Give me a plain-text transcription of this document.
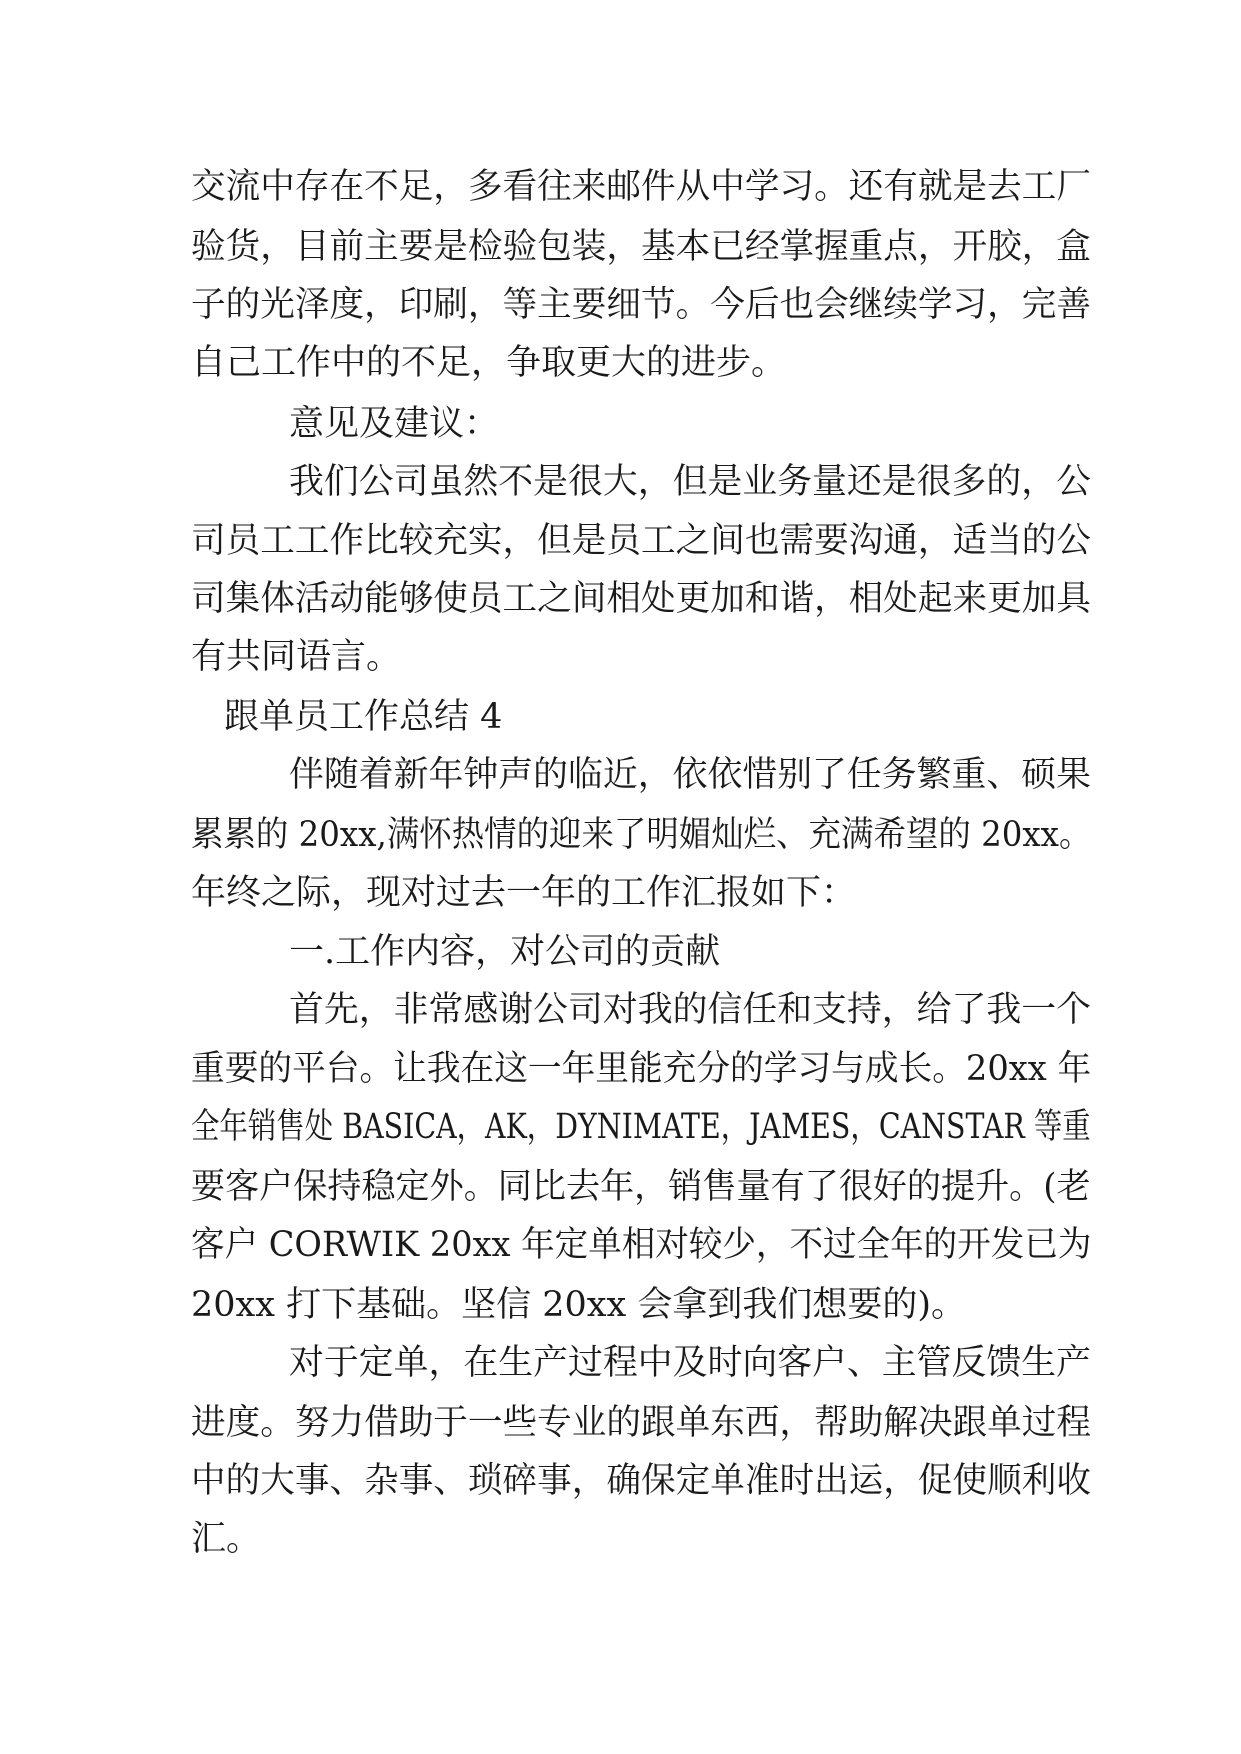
交流中存在不足，多看往来邮件从中学习。还有就是去工厂
验货，目前主要是检验包装，基本已经掌握重点，开胶，盒
子的光泽度，印刷，等主要细节。今后也会继续学习，完善
自己工作中的不足，争取更大的进步。
意见及建议：
我们公司虽然不是很大，但是业务量还是很多的，公
司员工工作比较充实，但是员工之间也需要沟通，适当的公
司集体活动能够使员工之间相处更加和谐，相处起来更加具
有共同语言。
跟单员工作总结 4
伴随着新年钟声的临近，依依惜别了任务繁重、硕果
累累的 20xx,满怀热情的迎来了明媚灿烂、充满希望的 20xx。
年终之际，现对过去一年的工作汇报如下：
一.工作内容，对公司的贡献
首先，非常感谢公司对我的信任和支持，给了我一个
重要的平台。让我在这一年里能充分的学习与成长。20xx 年
全年销售处 BASICA，AK，DYNIMATE，JAMES，CANSTAR 等重
要客户保持稳定外。同比去年，销售量有了很好的提升。(老
客户 CORWIK 20xx 年定单相对较少，不过全年的开发已为
20xx 打下基础。坚信 20xx 会拿到我们想要的)。
对于定单，在生产过程中及时向客户、主管反馈生产
进度。努力借助于一些专业的跟单东西，帮助解决跟单过程
中的大事、杂事、琐碎事，确保定单准时出运，促使顺利收
汇。
